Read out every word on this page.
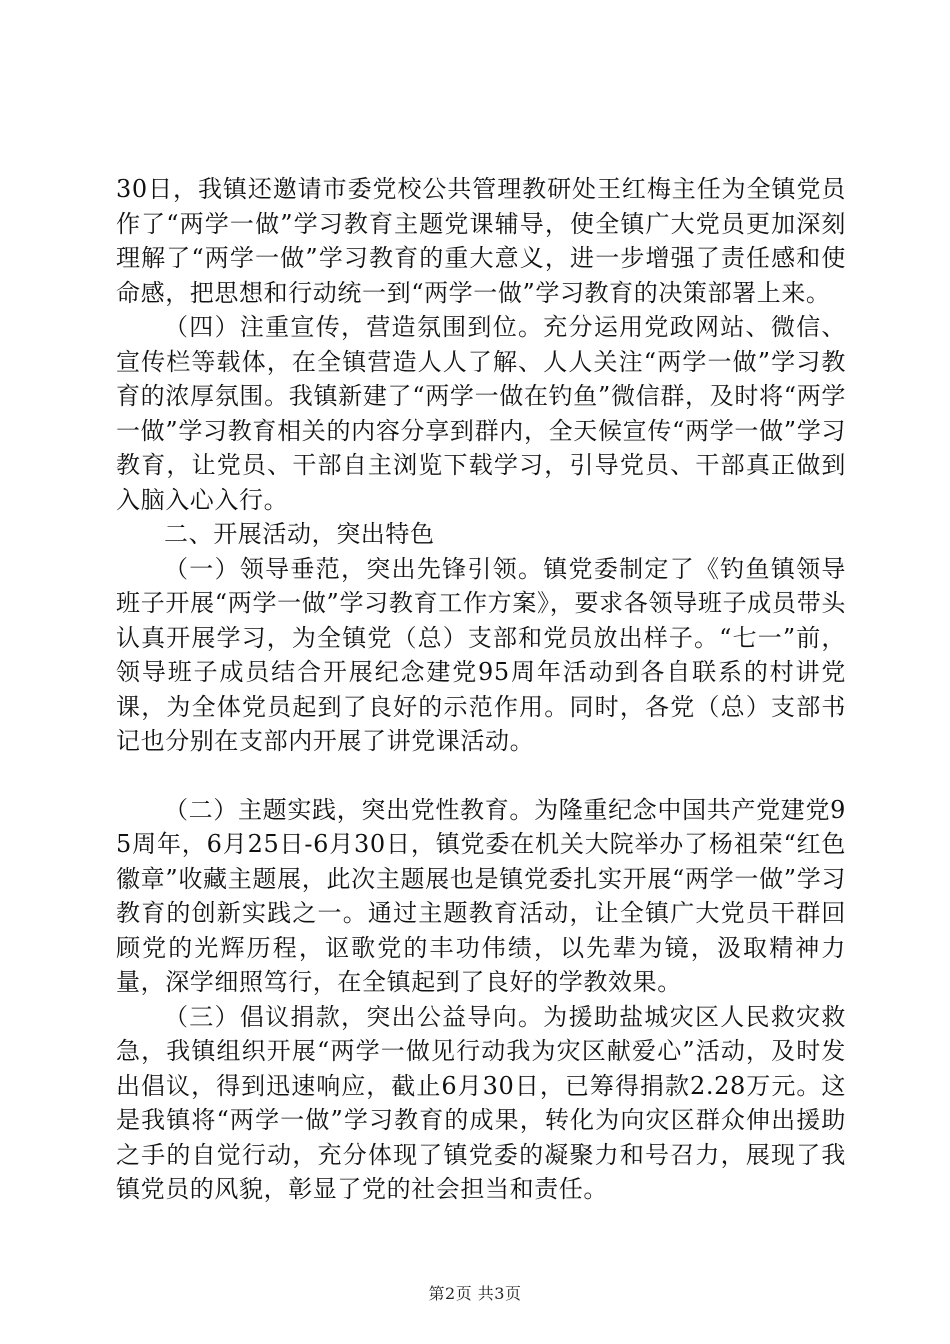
30日，我镇还邀请市委党校公共管理教研处王红梅主任为全镇党员作了“两学一做”学习教育主题党课辅导，使全镇广大党员更加深刻理解了“两学一做”学习教育的重大意义，进一步增强了责任感和使命感，把思想和行动统一到“两学一做”学习教育的决策部署上来。

（四）注重宣传，营造氛围到位。充分运用党政网站、微信、宣传栏等载体，在全镇营造人人了解、人人关注“两学一做”学习教育的浓厚氛围。我镇新建了“两学一做在钓鱼”微信群，及时将“两学一做”学习教育相关的内容分享到群内，全天候宣传“两学一做”学习教育，让党员、干部自主浏览下载学习，引导党员、干部真正做到入脑入心入行。

二、开展活动，突出特色

（一）领导垂范，突出先锋引领。镇党委制定了《钓鱼镇领导班子开展“两学一做”学习教育工作方案》，要求各领导班子成员带头认真开展学习，为全镇党（总）支部和党员放出样子。“七一”前，领导班子成员结合开展纪念建党95周年活动到各自联系的村讲党课，为全体党员起到了良好的示范作用。同时，各党（总）支部书记也分别在支部内开展了讲党课活动。

（二）主题实践，突出党性教育。为隆重纪念中国共产党建党95周年，6月25日-6月30日，镇党委在机关大院举办了杨祖荣“红色徽章”收藏主题展，此次主题展也是镇党委扎实开展“两学一做”学习教育的创新实践之一。通过主题教育活动，让全镇广大党员干群回顾党的光辉历程，讴歌党的丰功伟绩，以先辈为镜，汲取精神力量，深学细照笃行，在全镇起到了良好的学教效果。

（三）倡议捐款，突出公益导向。为援助盐城灾区人民救灾救急，我镇组织开展“两学一做见行动我为灾区献爱心”活动，及时发出倡议，得到迅速响应，截止6月30日，已筹得捐款2.28万元。这是我镇将“两学一做”学习教育的成果，转化为向灾区群众伸出援助之手的自觉行动，充分体现了镇党委的凝聚力和号召力，展现了我镇党员的风貌，彰显了党的社会担当和责任。

第2页 共3页
